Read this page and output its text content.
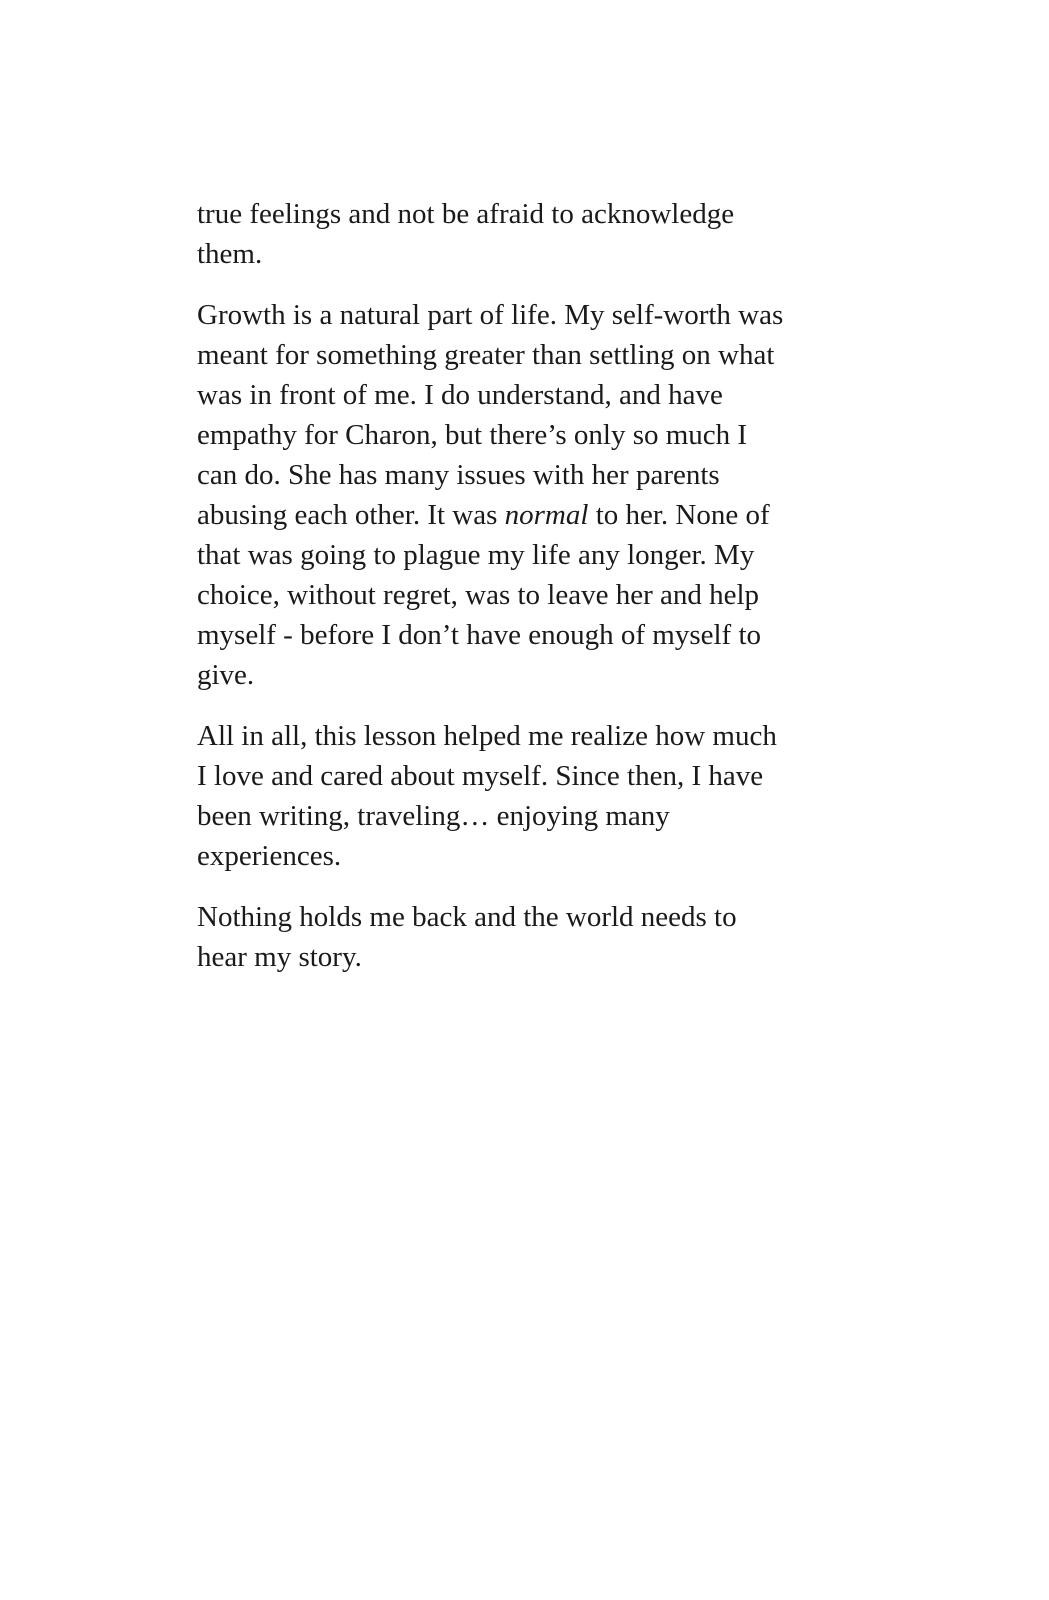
true feelings and not be afraid to acknowledge
them.

Growth is a natural part of life. My self-worth was
meant for something greater than settling on what
was in front of me. I do understand, and have
empathy for Charon, but there’s only so much I
can do. She has many issues with her parents
abusing each other. It was normal to her. None of
that was going to plague my life any longer. My
choice, without regret, was to leave her and help
myself - before I don’t have enough of myself to
give.

All in all, this lesson helped me realize how much
I love and cared about myself. Since then, I have
been writing, traveling… enjoying many
experiences.

Nothing holds me back and the world needs to
hear my story.
